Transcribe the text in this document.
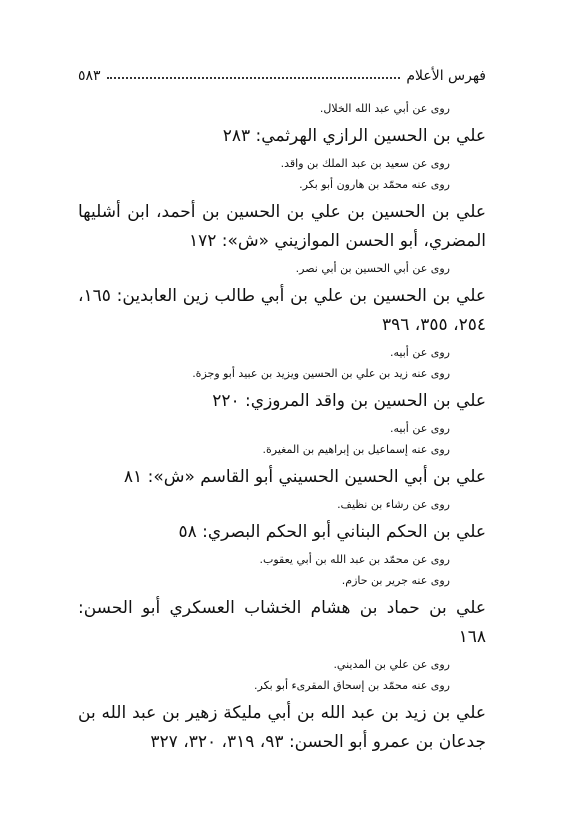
فهرس الأعلام
٥٨٣

روى عن أبي عبد الله الخلال.

علي بن الحسين الرازي الهرثمي: ٢٨٣

روى عن سعيد بن عبد الملك بن واقد.

روى عنه محمّد بن هارون أبو بكر.

علي بن الحسين بن علي بن الحسين بن أحمد، ابن أشليها المضري، أبو الحسن الموازيني «ش»: ١٧٢

روى عن أبي الحسين بن أبي نصر.

علي بن الحسين بن علي بن أبي طالب زين العابدين: ١٦٥، ٢٥٤، ٣٥٥، ٣٩٦

روى عن أبيه.

روى عنه زيد بن علي بن الحسين ويزيد بن عبيد أبو وجزة.

علي بن الحسين بن واقد المروزي: ٢٢٠

روى عن أبيه.

روى عنه إسماعيل بن إبراهيم بن المغيرة.

علي بن أبي الحسين الحسيني أبو القاسم «ش»: ٨١

روى عن رشاء بن نظيف.

علي بن الحكم البناني أبو الحكم البصري: ٥٨

روى عن محمّد بن عبد الله بن أبي يعقوب.

روى عنه جرير بن حازم.

علي بن حماد بن هشام الخشاب العسكري أبو الحسن: ١٦٨

روى عن علي بن المديني.

روى عنه محمّد بن إسحاق المقرىء أبو بكر.

علي بن زيد بن عبد الله بن أبي مليكة زهير بن عبد الله بن جدعان بن عمرو أبو الحسن: ٩٣، ٣١٩، ٣٢٠، ٣٢٧
